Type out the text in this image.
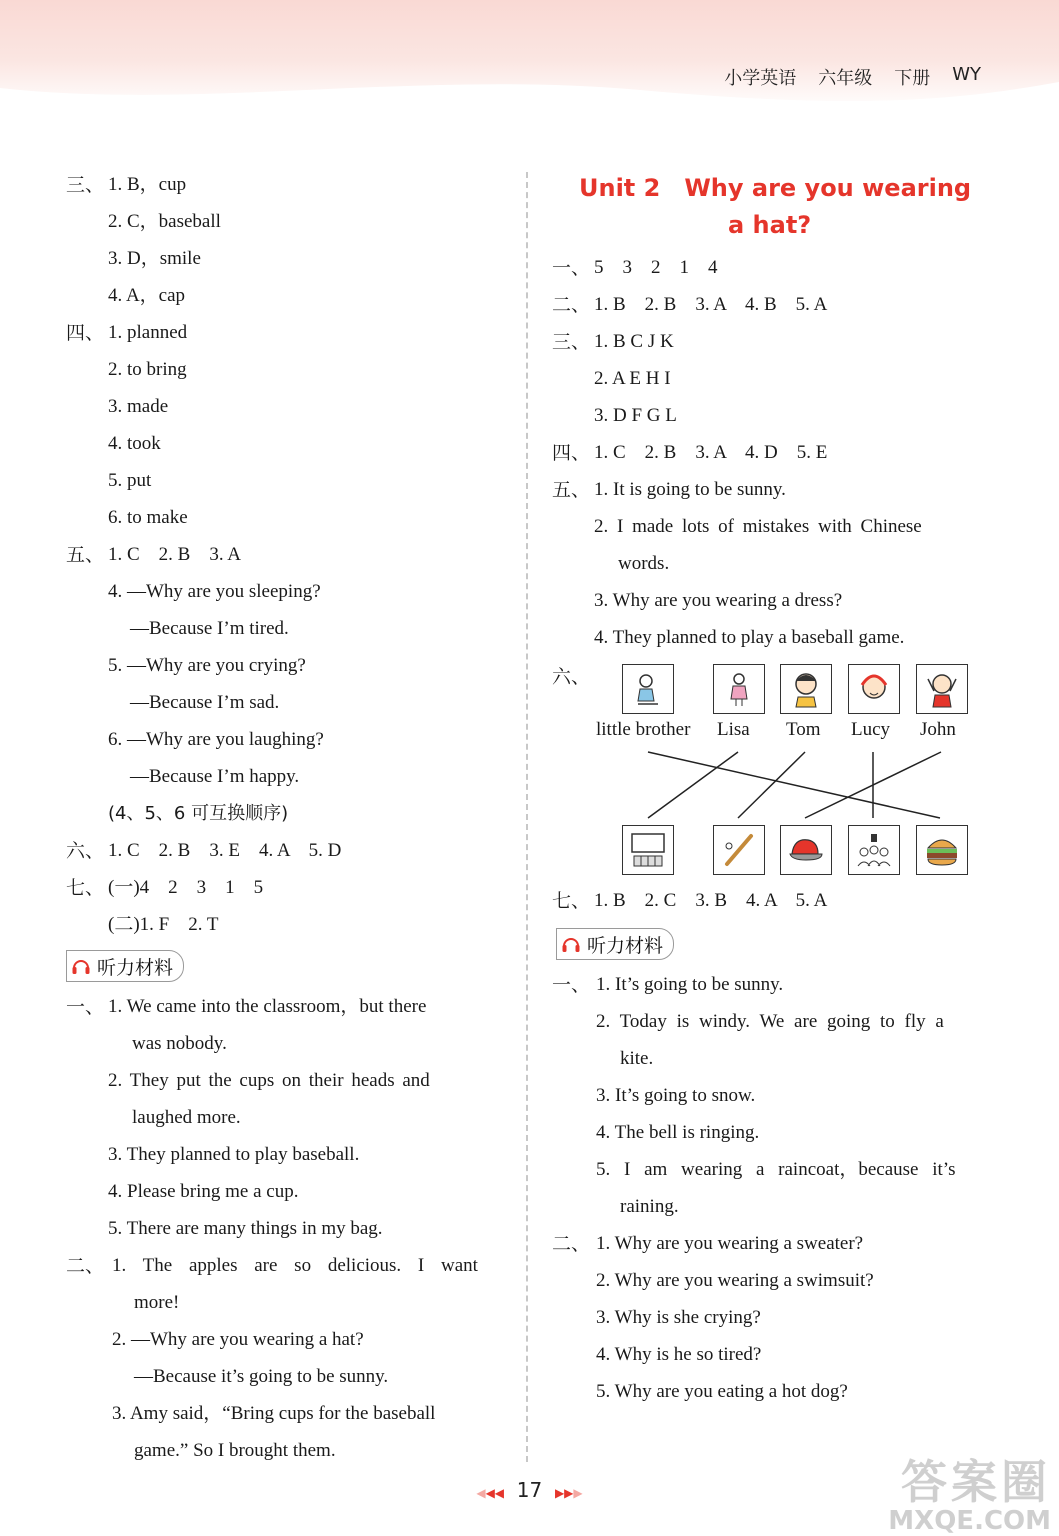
小学英语 六年级 下册 WY
三、 1. B，cup
2. C，baseball
3. D，smile
4. A，cap
四、 1. planned
2. to bring
3. made
4. took
5. put
6. to make
五、 1. C　2. B　3. A
4. —Why are you sleeping?
—Because I’m tired.
5. —Why are you crying?
—Because I’m sad.
6. —Why are you laughing?
—Because I’m happy.
(4、5、6 可互换顺序)
六、 1. C　2. B　3. E　4. A　5. D
七、 (一)4　2　3　1　5
(二)1. F　2. T
听力材料
一、 1. We came into the classroom，but there
was nobody.
2. They put the cups on their heads and
laughed more.
3. They planned to play baseball.
4. Please bring me a cup.
5. There are many things in my bag.
二、 1. The apples are so delicious. I want
more!
2. —Why are you wearing a hat?
—Because it’s going to be sunny.
3. Amy said，“Bring cups for the baseball
game.” So I brought them.
Unit 2　Why are you wearing
a hat?
一、 5　3　2　1　4
二、 1. B　2. B　3. A　4. B　5. A
三、 1. B C J K
2. A E H I
3. D F G L
四、 1. C　2. B　3. A　4. D　5. E
五、 1. It is going to be sunny.
2. I made lots of mistakes with Chinese
words.
3. Why are you wearing a dress?
4. They planned to play a baseball game.
六、
little brother Lisa Tom Lucy John
七、 1. B　2. C　3. B　4. A　5. A
听力材料
一、 1. It’s going to be sunny.
2. Today is windy. We are going to fly a
kite.
3. It’s going to snow.
4. The bell is ringing.
5. I am wearing a raincoat，because it’s
raining.
二、 1. Why are you wearing a sweater?
2. Why are you wearing a swimsuit?
3. Why is she crying?
4. Why is he so tired?
5. Why are you eating a hot dog?
◀◀◀ 17 ▶▶▶	答案圈
MXQE.COM
